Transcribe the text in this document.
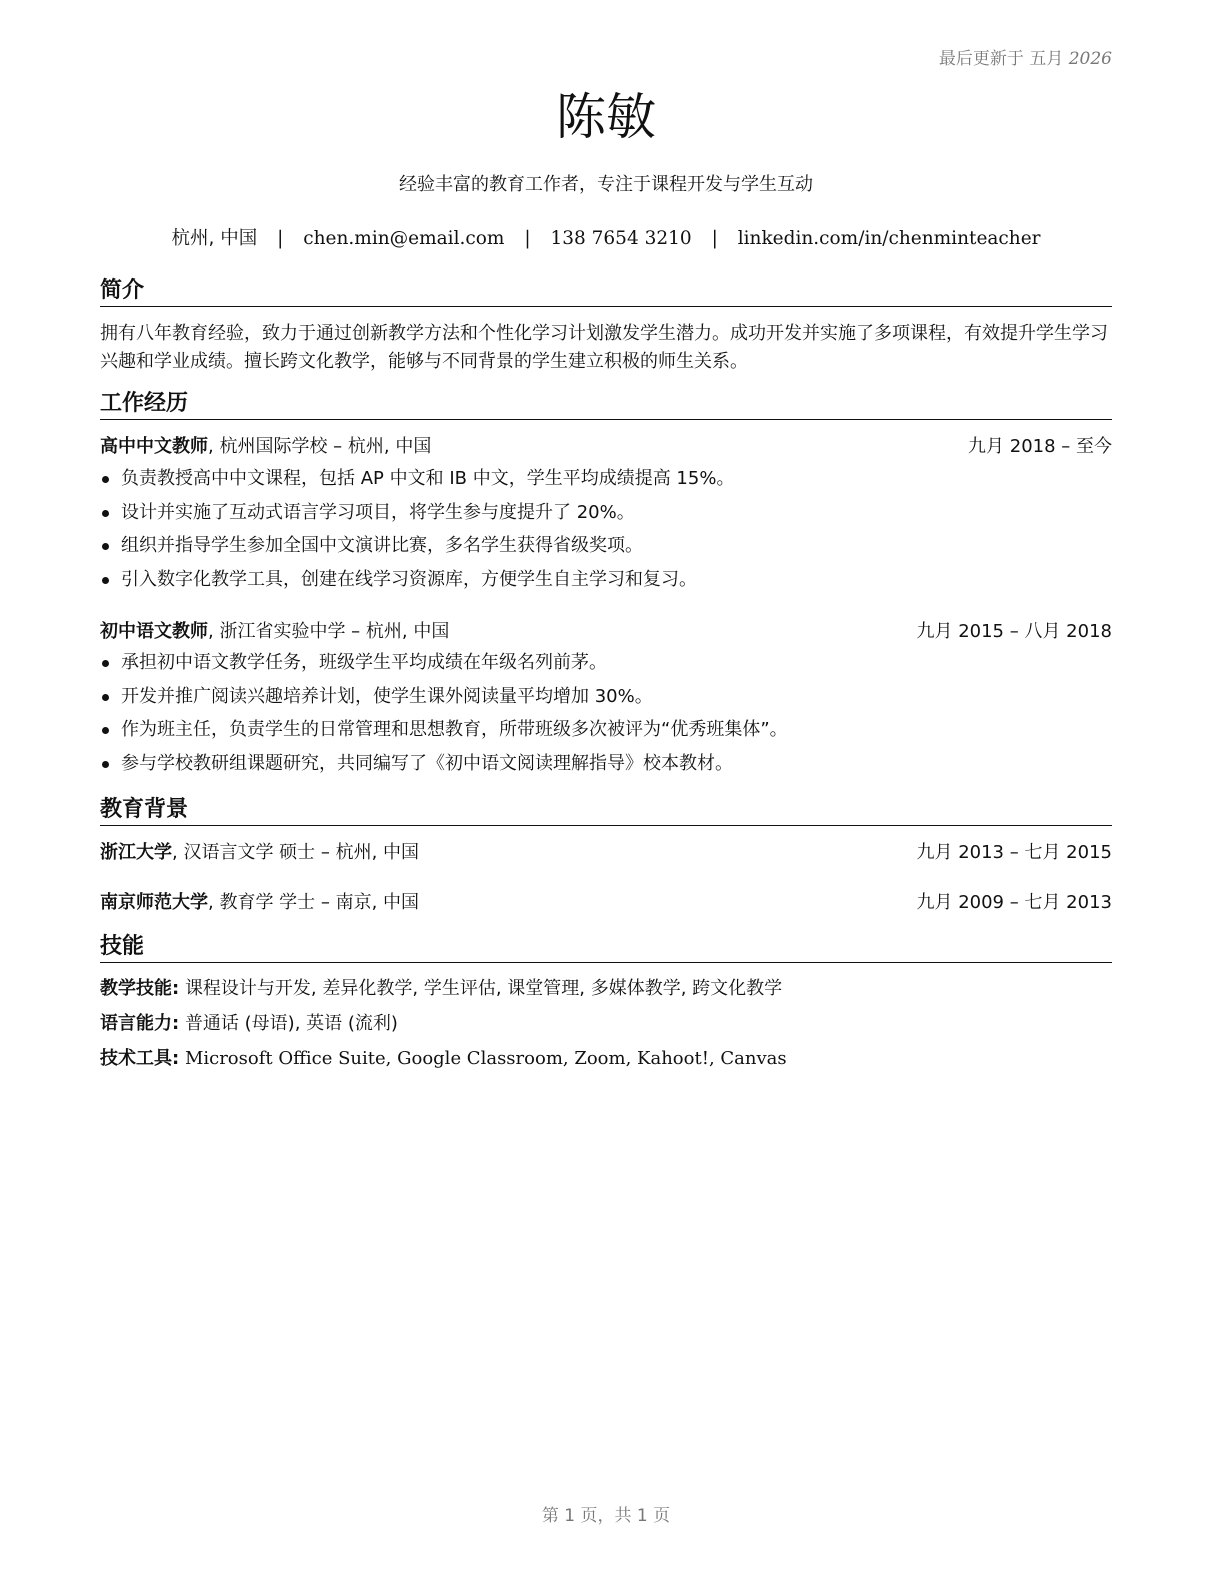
最后更新于 五月 2026
陈敏
经验丰富的教育工作者，专注于课程开发与学生互动
杭州, 中国 | chen.min@email.com | 138 7654 3210 | linkedin.com/in/chenminteacher
简介
拥有八年教育经验，致力于通过创新教学方法和个性化学习计划激发学生潜力。成功开发并实施了多项课程，有效提升学生学习兴趣和学业成绩。擅长跨文化教学，能够与不同背景的学生建立积极的师生关系。
工作经历
高中中文教师, 杭州国际学校 – 杭州, 中国	九月 2018 – 至今
负责教授高中中文课程，包括 AP 中文和 IB 中文，学生平均成绩提高 15%。
设计并实施了互动式语言学习项目，将学生参与度提升了 20%。
组织并指导学生参加全国中文演讲比赛，多名学生获得省级奖项。
引入数字化教学工具，创建在线学习资源库，方便学生自主学习和复习。
初中语文教师, 浙江省实验中学 – 杭州, 中国	九月 2015 – 八月 2018
承担初中语文教学任务，班级学生平均成绩在年级名列前茅。
开发并推广阅读兴趣培养计划，使学生课外阅读量平均增加 30%。
作为班主任，负责学生的日常管理和思想教育，所带班级多次被评为“优秀班集体”。
参与学校教研组课题研究，共同编写了《初中语文阅读理解指导》校本教材。
教育背景
浙江大学, 汉语言文学 硕士 – 杭州, 中国	九月 2013 – 七月 2015
南京师范大学, 教育学 学士 – 南京, 中国	九月 2009 – 七月 2013
技能
教学技能: 课程设计与开发, 差异化教学, 学生评估, 课堂管理, 多媒体教学, 跨文化教学
语言能力: 普通话 (母语), 英语 (流利)
技术工具: Microsoft Office Suite, Google Classroom, Zoom, Kahoot!, Canvas
第 1 页，共 1 页
